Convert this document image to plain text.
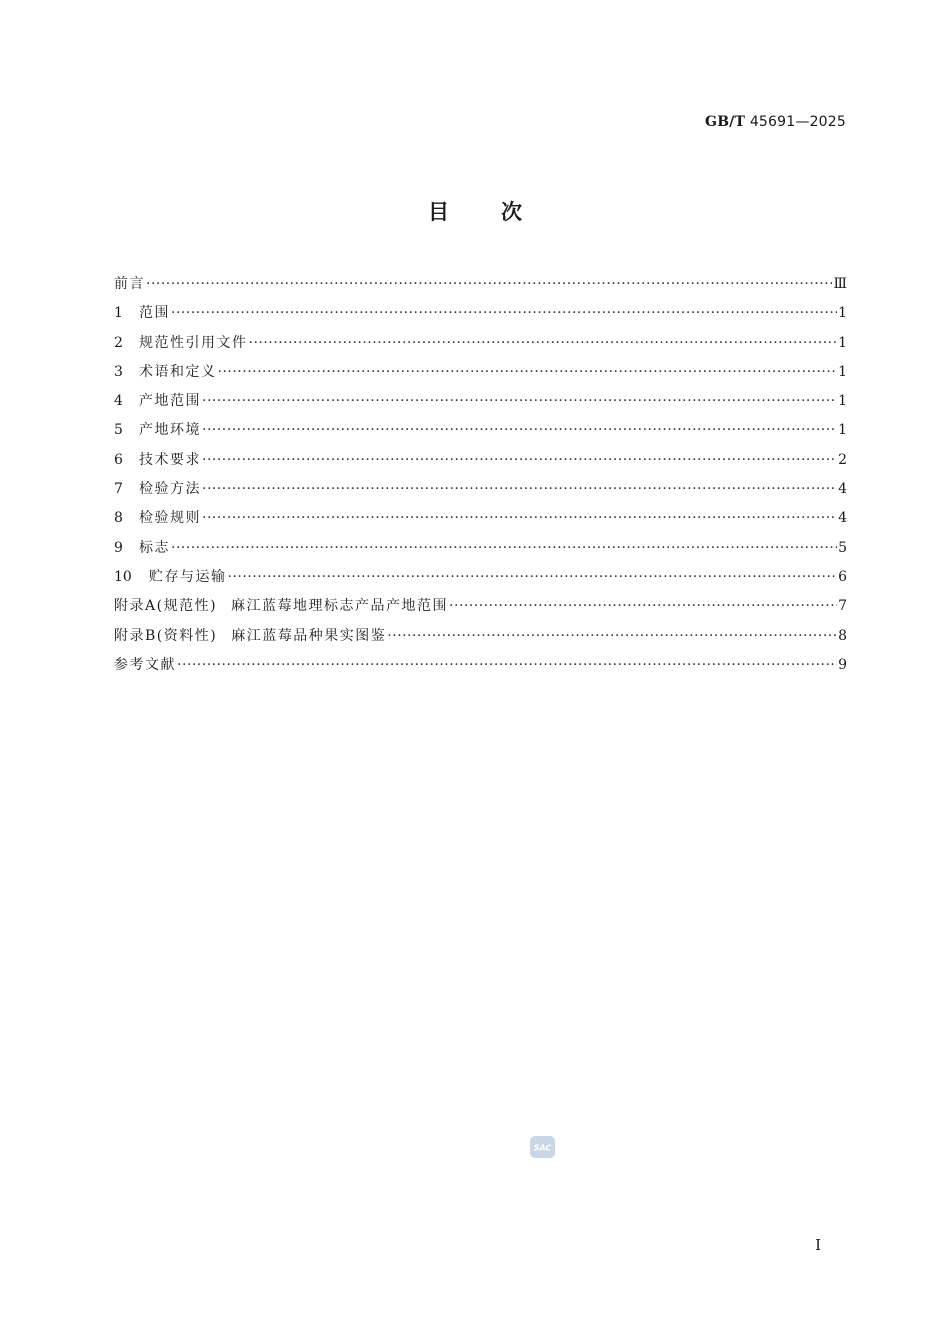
GB/T 45691—2025
目次
前言 ·····	Ⅲ
1	范围 ·····	1
2	规范性引用文件 ·····	1
3	术语和定义 ·····	1
4	产地范围 ·····	1
5	产地环境 ·····	1
6	技术要求 ·····	2
7	检验方法 ·····	4
8	检验规则 ·····	4
9	标志 ·····	5
10	贮存与运输 ·····	6
附录A(规范性) 麻江蓝莓地理标志产品产地范围 ·····	7
附录B(资料性) 麻江蓝莓品种果实图鉴 ·····	8
参考文献 ·····	9
SAC
Ⅰ
